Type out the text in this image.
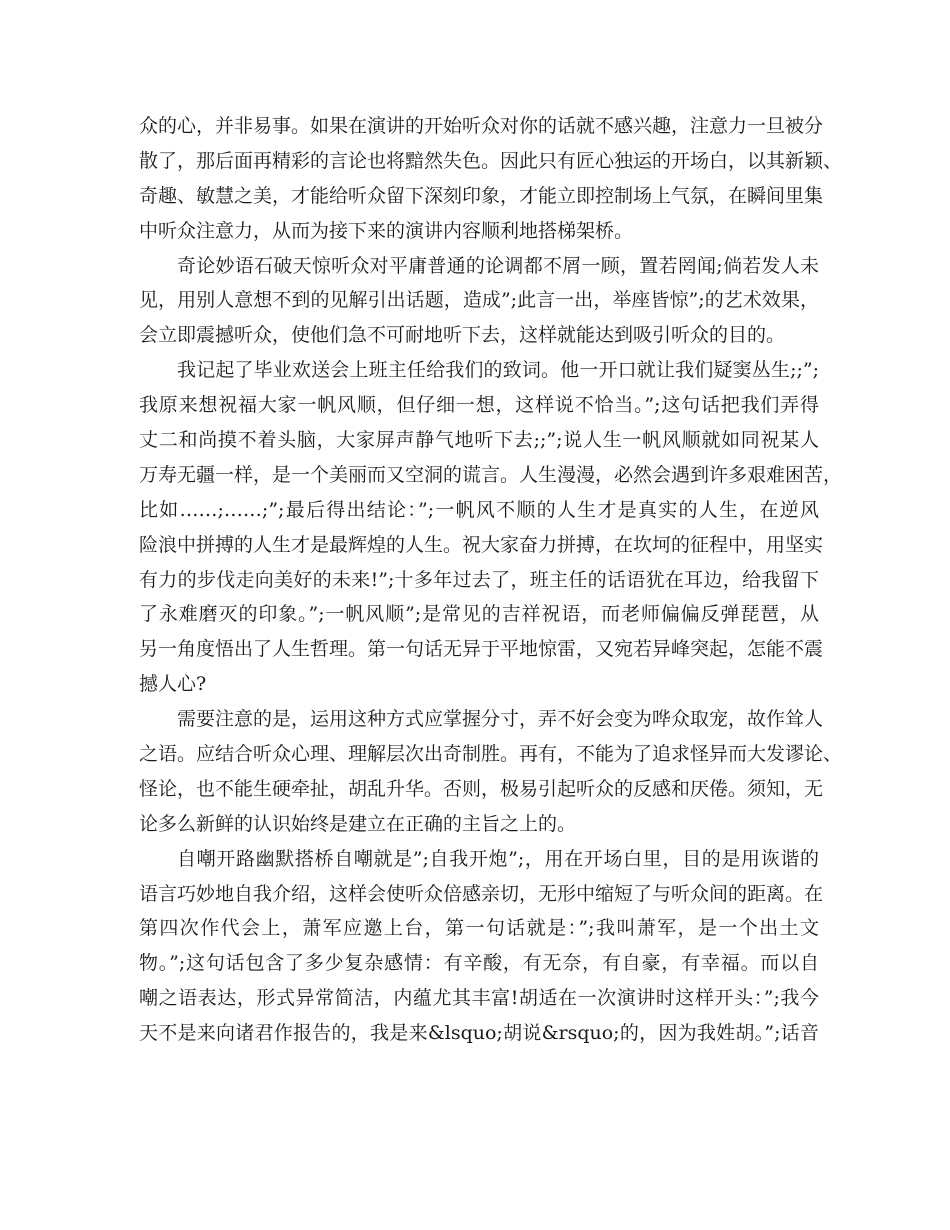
众的心，并非易事。如果在演讲的开始听众对你的话就不感兴趣，注意力一旦被分
散了，那后面再精彩的言论也将黯然失色。因此只有匠心独运的开场白，以其新颖、
奇趣、敏慧之美，才能给听众留下深刻印象，才能立即控制场上气氛，在瞬间里集
中听众注意力，从而为接下来的演讲内容顺利地搭梯架桥。
奇论妙语石破天惊听众对平庸普通的论调都不屑一顾，置若罔闻;倘若发人未
见，用别人意想不到的见解引出话题，造成”;此言一出，举座皆惊”;的艺术效果，
会立即震撼听众，使他们急不可耐地听下去，这样就能达到吸引听众的目的。
我记起了毕业欢送会上班主任给我们的致词。他一开口就让我们疑窦丛生;;”;
我原来想祝福大家一帆风顺，但仔细一想，这样说不恰当。”;这句话把我们弄得
丈二和尚摸不着头脑，大家屏声静气地听下去;;”;说人生一帆风顺就如同祝某人
万寿无疆一样，是一个美丽而又空洞的谎言。人生漫漫，必然会遇到许多艰难困苦，
比如……;……;”;最后得出结论：”;一帆风不顺的人生才是真实的人生，在逆风
险浪中拼搏的人生才是最辉煌的人生。祝大家奋力拼搏，在坎坷的征程中，用坚实
有力的步伐走向美好的未来!”;十多年过去了，班主任的话语犹在耳边，给我留下
了永难磨灭的印象。”;一帆风顺”;是常见的吉祥祝语，而老师偏偏反弹琵琶，从
另一角度悟出了人生哲理。第一句话无异于平地惊雷，又宛若异峰突起，怎能不震
撼人心?
需要注意的是，运用这种方式应掌握分寸，弄不好会变为哗众取宠，故作耸人
之语。应结合听众心理、理解层次出奇制胜。再有，不能为了追求怪异而大发谬论、
怪论，也不能生硬牵扯，胡乱升华。否则，极易引起听众的反感和厌倦。须知，无
论多么新鲜的认识始终是建立在正确的主旨之上的。
自嘲开路幽默搭桥自嘲就是”;自我开炮”;，用在开场白里，目的是用诙谐的
语言巧妙地自我介绍，这样会使听众倍感亲切，无形中缩短了与听众间的距离。在
第四次作代会上，萧军应邀上台，第一句话就是：”;我叫萧军，是一个出土文
物。”;这句话包含了多少复杂感情：有辛酸，有无奈，有自豪，有幸福。而以自
嘲之语表达，形式异常简洁，内蕴尤其丰富!胡适在一次演讲时这样开头：”;我今
天不是来向诸君作报告的，我是来&lsquo;胡说&rsquo;的，因为我姓胡。”;话音
